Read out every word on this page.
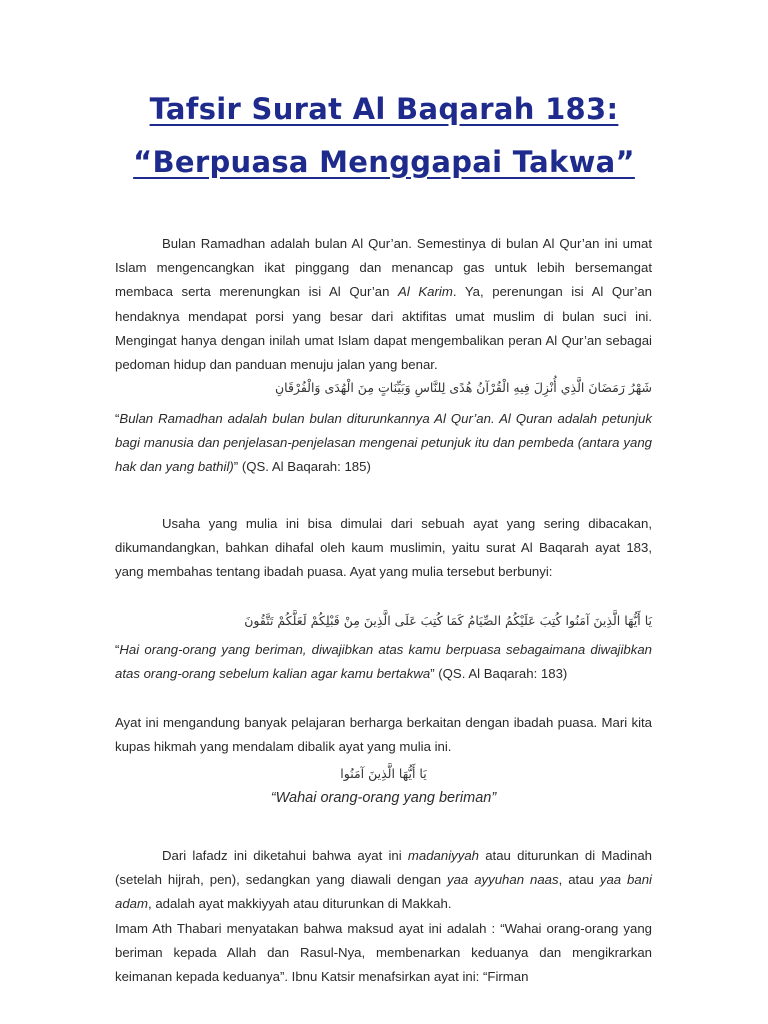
Tafsir Surat Al Baqarah 183:
“Berpuasa Menggapai Takwa”
Bulan Ramadhan adalah bulan Al Qur’an. Semestinya di bulan Al Qur’an ini umat Islam mengencangkan ikat pinggang dan menancap gas untuk lebih bersemangat membaca serta merenungkan isi Al Qur’an Al Karim. Ya, perenungan isi Al Qur’an hendaknya mendapat porsi yang besar dari aktifitas umat muslim di bulan suci ini. Mengingat hanya dengan inilah umat Islam dapat mengembalikan peran Al Qur’an sebagai pedoman hidup dan panduan menuju jalan yang benar.
شَهْرُ رَمَضَانَ الَّذِي أُنْزِلَ فِيهِ الْقُرْآنُ هُدًى لِلنَّاسِ وَبَيِّنَاتٍ مِنَ الْهُدَى وَالْفُرْقَانِ
“Bulan Ramadhan adalah bulan bulan diturunkannya Al Qur’an. Al Quran adalah petunjuk bagi manusia dan penjelasan-penjelasan mengenai petunjuk itu dan pembeda (antara yang hak dan yang bathil)” (QS. Al Baqarah: 185)
Usaha yang mulia ini bisa dimulai dari sebuah ayat yang sering dibacakan, dikumandangkan, bahkan dihafal oleh kaum muslimin, yaitu surat Al Baqarah ayat 183, yang membahas tentang ibadah puasa. Ayat yang mulia tersebut berbunyi:
يَا أَيُّهَا الَّذِينَ آمَنُوا كُتِبَ عَلَيْكُمُ الصِّيَامُ كَمَا كُتِبَ عَلَى الَّذِينَ مِنْ قَبْلِكُمْ لَعَلَّكُمْ تَتَّقُونَ
“Hai orang-orang yang beriman, diwajibkan atas kamu berpuasa sebagaimana diwajibkan atas orang-orang sebelum kalian agar kamu bertakwa” (QS. Al Baqarah: 183)
Ayat ini mengandung banyak pelajaran berharga berkaitan dengan ibadah puasa. Mari kita kupas hikmah yang mendalam dibalik ayat yang mulia ini.
يَا أَيُّهَا الَّذِينَ آمَنُوا
“Wahai orang-orang yang beriman”
Dari lafadz ini diketahui bahwa ayat ini madaniyyah atau diturunkan di Madinah (setelah hijrah, pen), sedangkan yang diawali dengan yaa ayyuhan naas, atau yaa bani adam, adalah ayat makkiyyah atau diturunkan di Makkah.
Imam Ath Thabari menyatakan bahwa maksud ayat ini adalah : “Wahai orang-orang yang beriman kepada Allah dan Rasul-Nya, membenarkan keduanya dan mengikrarkan keimanan kepada keduanya”. Ibnu Katsir menafsirkan ayat ini: “Firman
